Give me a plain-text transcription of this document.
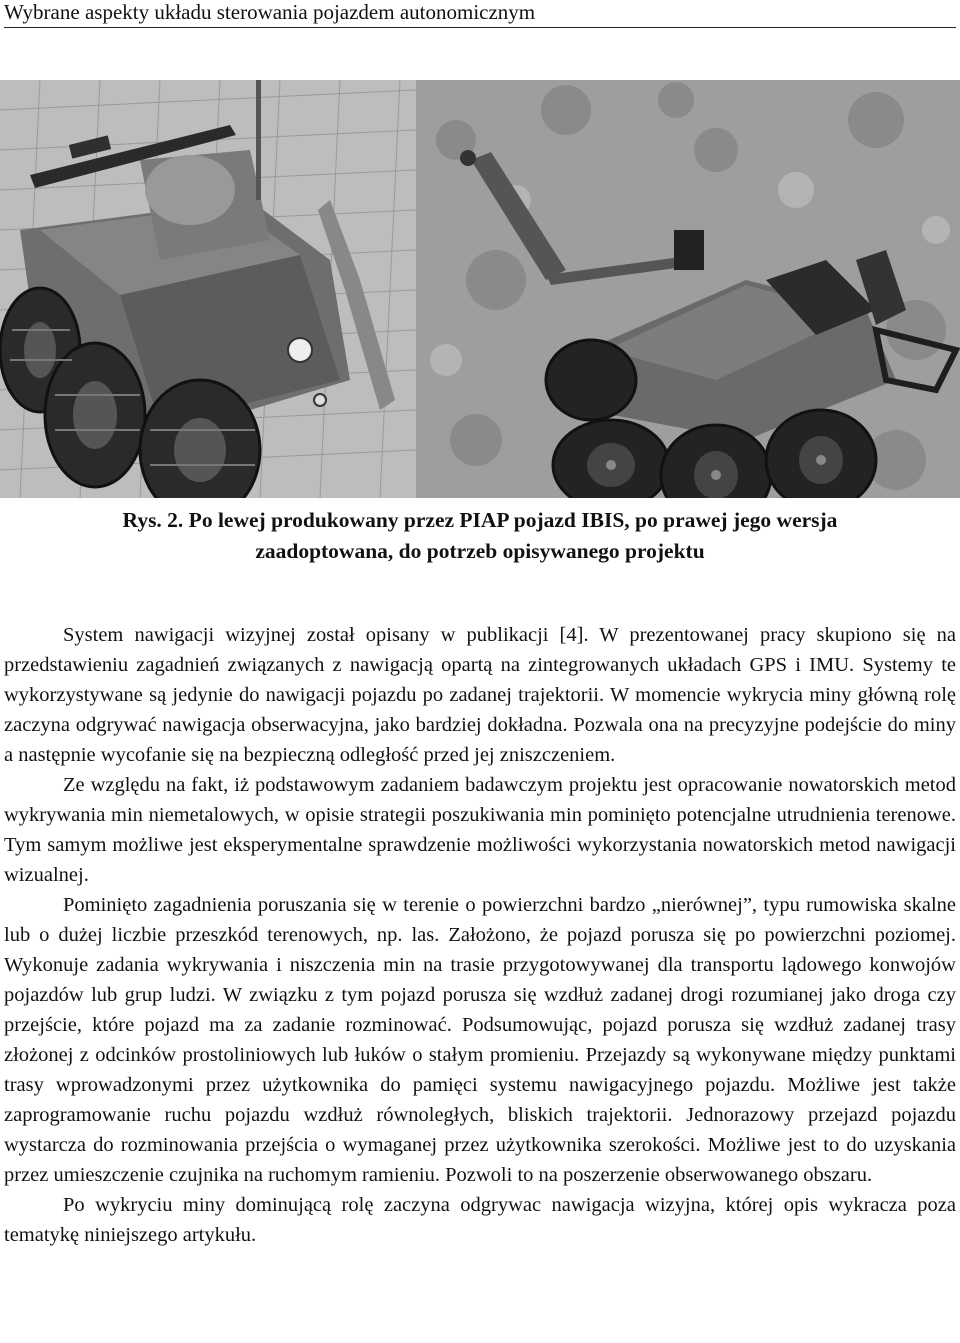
Wybrane aspekty układu sterowania pojazdem autonomicznym
Rys. 2. Po lewej produkowany przez PIAP pojazd IBIS, po prawej jego wersja
zaadoptowana, do potrzeb opisywanego projektu

System nawigacji wizyjnej został opisany w publikacji [4]. W prezentowanej pracy skupiono się na przedstawieniu zagadnień związanych z nawigacją opartą na zintegrowanych układach GPS i IMU. Systemy te wykorzystywane są jedynie do nawigacji pojazdu po zadanej trajektorii. W momencie wykrycia miny główną rolę zaczyna odgrywać nawigacja obserwacyjna, jako bardziej dokładna. Pozwala ona na precyzyjne podejście do miny a następnie wycofanie się na bezpieczną odległość przed jej zniszczeniem.

Ze względu na fakt, iż podstawowym zadaniem badawczym projektu jest opracowanie nowatorskich metod wykrywania min niemetalowych, w opisie strategii poszukiwania min pominięto potencjalne utrudnienia terenowe. Tym samym możliwe jest eksperymentalne sprawdzenie możliwości wykorzystania nowatorskich metod nawigacji wizualnej.

Pominięto zagadnienia poruszania się w terenie o powierzchni bardzo „nierównej”, typu rumowiska skalne lub o dużej liczbie przeszkód terenowych, np. las. Założono, że pojazd porusza się po powierzchni poziomej. Wykonuje zadania wykrywania i niszczenia min na trasie przygotowywanej dla transportu lądowego konwojów pojazdów lub grup ludzi. W związku z tym pojazd porusza się wzdłuż zadanej drogi rozumianej jako droga czy przejście, które pojazd ma za zadanie rozminować. Podsumowując, pojazd porusza się wzdłuż zadanej trasy złożonej z odcinków prostoliniowych lub łuków o stałym promieniu. Przejazdy są wykonywane między punktami trasy wprowadzonymi przez użytkownika do pamięci systemu nawigacyjnego pojazdu. Możliwe jest także zaprogramowanie ruchu pojazdu wzdłuż równoległych, bliskich trajektorii. Jednorazowy przejazd pojazdu wystarcza do rozminowania przejścia o wymaganej przez użytkownika szerokości. Możliwe jest to do uzyskania przez umieszczenie czujnika na ruchomym ramieniu. Pozwoli to na poszerzenie obserwowanego obszaru.

Po wykryciu miny dominującą rolę zaczyna odgrywac nawigacja wizyjna, której opis wykracza poza tematykę niniejszego artykułu.
